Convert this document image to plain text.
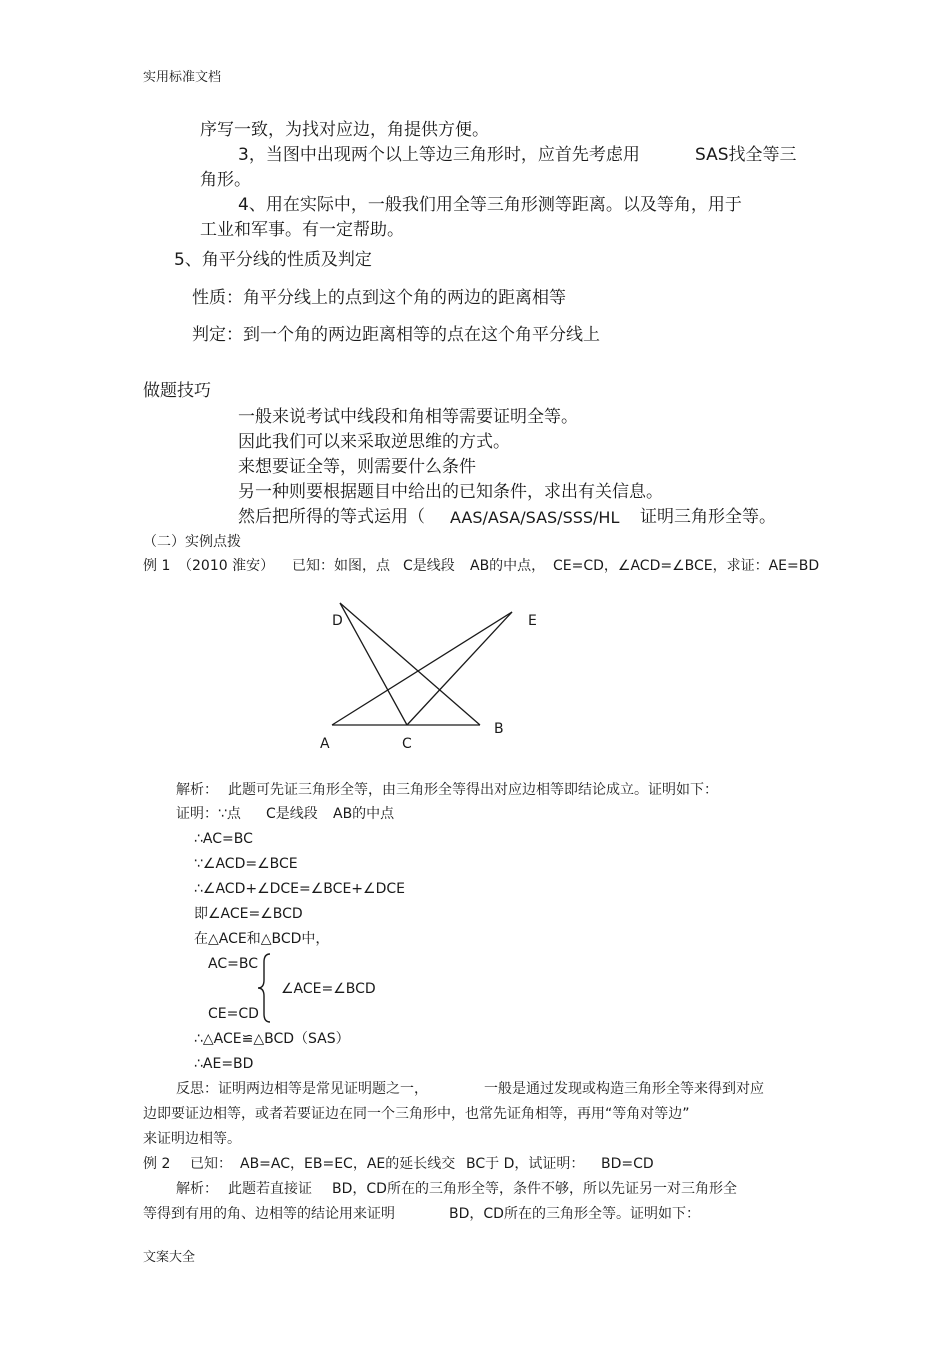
实用标准文档
序写一致，为找对应边，角提供方便。
3，当图中出现两个以上等边三角形时，应首先考虑用	SAS找全等三
角形。
4、用在实际中，一般我们用全等三角形测等距离。以及等角，用于
工业和军事。有一定帮助。
5、角平分线的性质及判定
性质：角平分线上的点到这个角的两边的距离相等
判定：到一个角的两边距离相等的点在这个角平分线上
做题技巧
一般来说考试中线段和角相等需要证明全等。
因此我们可以来采取逆思维的方式。
来想要证全等，则需要什么条件
另一种则要根据题目中给出的已知条件，求出有关信息。
然后把所得的等式运用（ AAS/ASA/SAS/SSS/HL 证明三角形全等。
（二）实例点拨
例 1 （2010 淮安） 已知：如图，点 C是线段 AB的中点， CE=CD，∠ACD=∠BCE，求证：AE=BD
D	E
A	C
B
解析： 此题可先证三角形全等，由三角形全等得出对应边相等即结论成立。证明如下：
证明：∵点 C是线段 AB的中点
∴AC=BC
∵∠ACD=∠BCE
∴∠ACD+∠DCE=∠BCE+∠DCE
即∠ACE=∠BCD
在△ACE和△BCD中，
AC=BC
∠ACE=∠BCD
CE=CD
∴△ACE≌△BCD（SAS）
∴AE=BD
反思：证明两边相等是常见证明题之一，	一般是通过发现或构造三角形全等来得到对应
边即要证边相等，或者若要证边在同一个三角形中，也常先证角相等，再用“等角对等边”
来证明边相等。
例 2 已知： AB=AC，EB=EC，AE的延长线交 BC于 D，试证明： BD=CD
解析： 此题若直接证 BD，CD所在的三角形全等，条件不够，所以先证另一对三角形全
等得到有用的角、边相等的结论用来证明	BD，CD所在的三角形全等。证明如下：
文案大全
